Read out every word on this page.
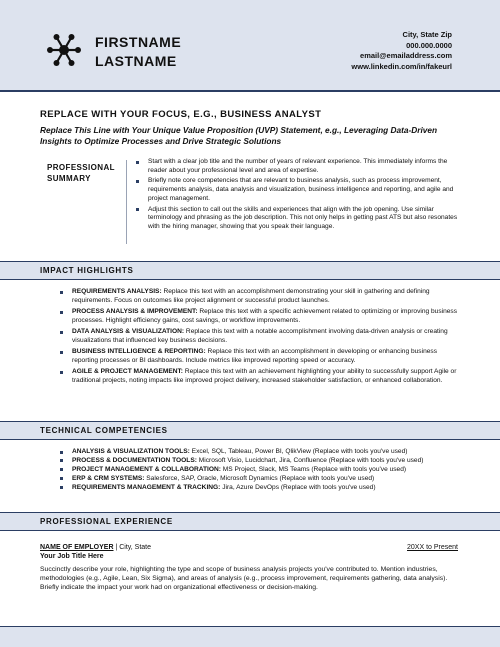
FIRSTNAME
LASTNAME
City, State Zip
000.000.0000
email@emailaddress.com
www.linkedin.com/in/fakeurl
REPLACE WITH YOUR FOCUS, E.G., BUSINESS ANALYST
Replace This Line with Your Unique Value Proposition (UVP) Statement, e.g., Leveraging Data-Driven Insights to Optimize Processes and Drive Strategic Solutions
PROFESSIONAL
SUMMARY
Start with a clear job title and the number of years of relevant experience. This immediately informs the reader about your professional level and area of expertise.
Briefly note core competencies that are relevant to business analysis, such as process improvement, requirements analysis, data analysis and visualization, business intelligence and reporting, and agile and project management.
Adjust this section to call out the skills and experiences that align with the job opening. Use similar terminology and phrasing as the job description. This not only helps in getting past ATS but also resonates with the hiring manager, showing that you speak their language.
IMPACT HIGHLIGHTS
REQUIREMENTS ANALYSIS: Replace this text with an accomplishment demonstrating your skill in gathering and defining requirements. Focus on outcomes like project alignment or successful product launches.
PROCESS ANALYSIS & IMPROVEMENT: Replace this text with a specific achievement related to optimizing or improving business processes. Highlight efficiency gains, cost savings, or workflow improvements.
DATA ANALYSIS & VISUALIZATION: Replace this text with a notable accomplishment involving data-driven analysis or creating visualizations that influenced key business decisions.
BUSINESS INTELLIGENCE & REPORTING: Replace this text with an accomplishment in developing or enhancing business reporting processes or BI dashboards. Include metrics like improved reporting speed or accuracy.
AGILE & PROJECT MANAGEMENT: Replace this text with an achievement highlighting your ability to successfully support Agile or traditional projects, noting impacts like improved project delivery, increased stakeholder satisfaction, or enhanced collaboration.
TECHNICAL COMPETENCIES
ANALYSIS & VISUALIZATION TOOLS: Excel, SQL, Tableau, Power BI, QlikView (Replace with tools you've used)
PROCESS & DOCUMENTATION TOOLS: Microsoft Visio, Lucidchart, Jira, Confluence (Replace with tools you've used)
PROJECT MANAGEMENT & COLLABORATION: MS Project, Slack, MS Teams (Replace with tools you've used)
ERP & CRM SYSTEMS: Salesforce, SAP, Oracle, Microsoft Dynamics (Replace with tools you've used)
REQUIREMENTS MANAGEMENT & TRACKING: Jira, Azure DevOps (Replace with tools you've used)
PROFESSIONAL EXPERIENCE
NAME OF EMPLOYER | City, State	20XX to Present
Your Job Title Here
Succinctly describe your role, highlighting the type and scope of business analysis projects you've contributed to. Mention industries, methodologies (e.g., Agile, Lean, Six Sigma), and areas of analysis (e.g., process improvement, requirements gathering, data analysis). Briefly indicate the impact your work had on organizational effectiveness or decision-making.
